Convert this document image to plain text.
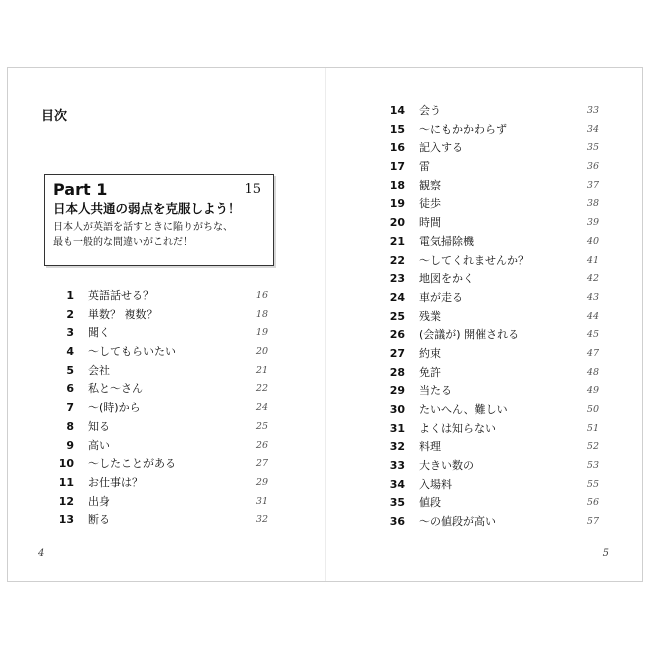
目次
Part 1	15
日本人共通の弱点を克服しよう！
日本人が英語を話すときに陥りがちな、
最も一般的な間違いがこれだ！
1 英語話せる？	16
2 単数？ 複数？	18
3 聞く	19
4 ～してもらいたい	20
5 会社	21
6 私と～さん	22
7 ～(時)から	24
8 知る	25
9 高い	26
10 ～したことがある	27
11 お仕事は？	29
12 出身	31
13 断る	32
14 会う	33
15 ～にもかかわらず	34
16 記入する	35
17 雷	36
18 観察	37
19 徒歩	38
20 時間	39
21 電気掃除機	40
22 ～してくれませんか？	41
23 地図をかく	42
24 車が走る	43
25 残業	44
26 (会議が) 開催される	45
27 約束	47
28 免許	48
29 当たる	49
30 たいへん、難しい	50
31 よくは知らない	51
32 料理	52
33 大きい数の	53
34 入場料	55
35 値段	56
36 ～の値段が高い	57
4	5
